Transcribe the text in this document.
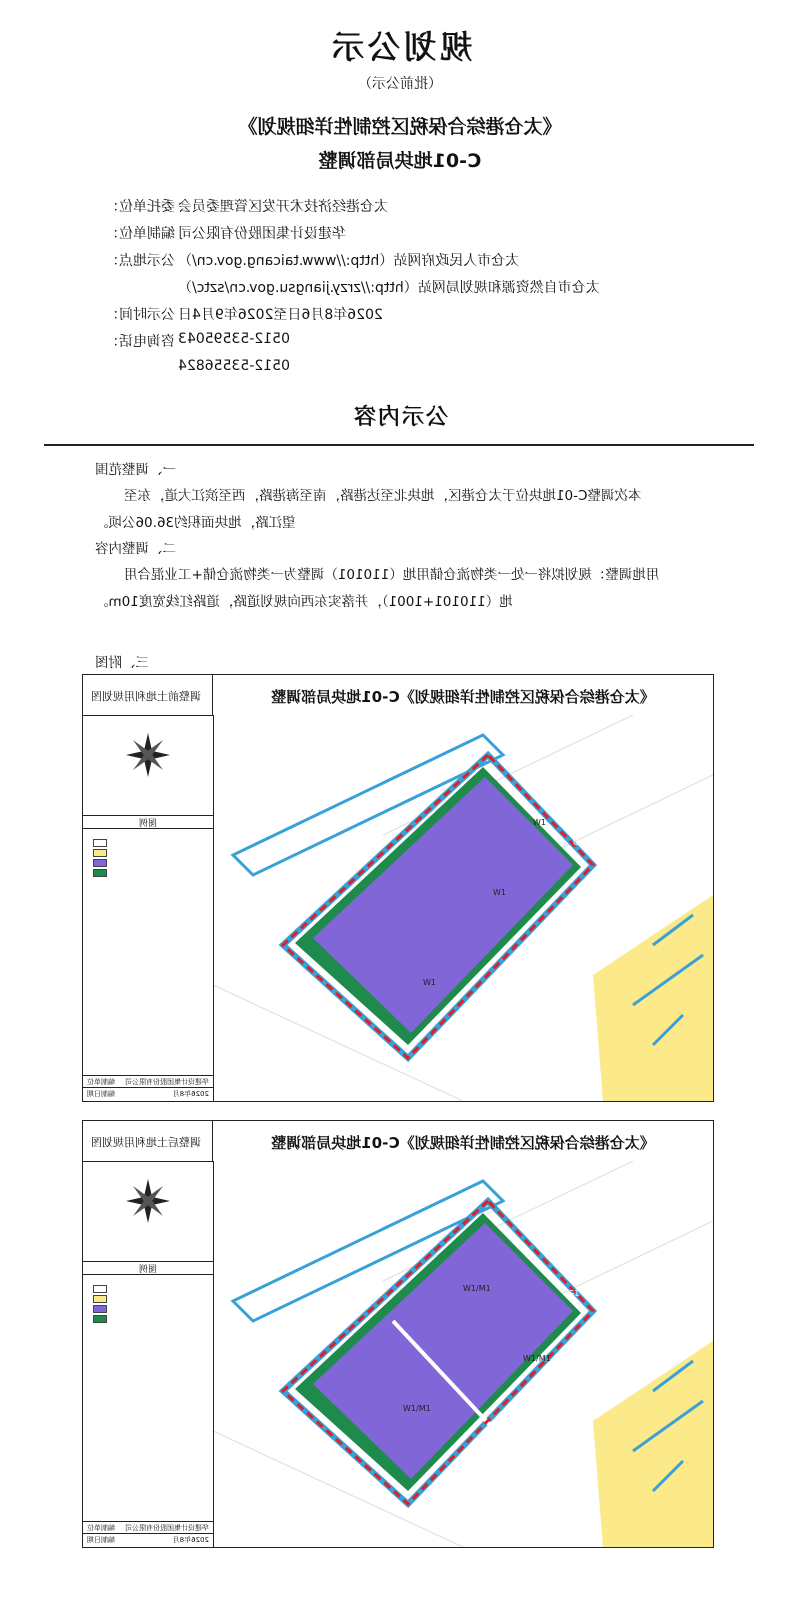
规划公示
（批前公示）
《太仓港综合保税区控制性详细规划》
C-01地块局部调整
委托单位： 太仓港经济技术开发区管理委员会
编制单位： 华建设计集团股份有限公司
公示地点： 太仓市人民政府网站（http://www.taicang.gov.cn/）
太仓市自然资源和规划局网站（http://zrzy.jiangsu.gov.cn/sztc/）
公示时间： 2026年8月6日至2026年9月4日
咨询电话： 0512-53595043
0512-53556824
公示内容
一、调整范围
本次调整C-01地块位于太仓港区，地块北至达港路，南至海港路，西至滨江大道，东至
望江路，地块面积约36.06公顷。
二、调整内容
用地调整：规划拟将一处一类物流仓储用地（110101）调整为一类物流仓储+工业混合用
地（110101+1001），并落实东西向规划道路，道路红线宽度10m。
三、附图
《太仓港综合保税区控制性详细规划》C-01地块局部调整
调整前土地利用规划图
W1
W1
W1
G1
G1
图例
编制单位 华建设计集团股份有限公司
编制日期	2026年8月
《太仓港综合保税区控制性详细规划》C-01地块局部调整
调整后土地利用规划图
W1/M1
W1/M1
W1/M1
G1
G1
图例
编制单位 华建设计集团股份有限公司
编制日期	2026年8月
